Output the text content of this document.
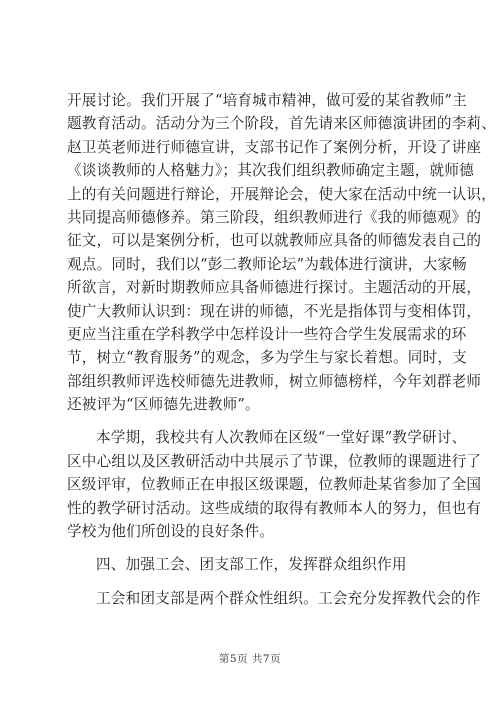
开展讨论。我们开展了“培育城市精神，做可爱的某省教师”主
题教育活动。活动分为三个阶段，首先请来区师德演讲团的李莉、
赵卫英老师进行师德宣讲，支部书记作了案例分析，开设了讲座
《谈谈教师的人格魅力》；其次我们组织教师确定主题，就师德
上的有关问题进行辩论，开展辩论会，使大家在活动中统一认识，
共同提高师德修养。第三阶段，组织教师进行《我的师德观》的
征文，可以是案例分析，也可以就教师应具备的师德发表自己的
观点。同时，我们以“彭二教师论坛”为载体进行演讲，大家畅
所欲言，对新时期教师应具备师德进行探讨。主题活动的开展，
使广大教师认识到：现在讲的师德，不光是指体罚与变相体罚，
更应当注重在学科教学中怎样设计一些符合学生发展需求的环
节，树立“教育服务”的观念，多为学生与家长着想。同时，支
部组织教师评选校师德先进教师，树立师德榜样，今年刘群老师
还被评为“区师德先进教师”。
本学期，我校共有人次教师在区级“一堂好课”教学研讨、
区中心组以及区教研活动中共展示了节课，位教师的课题进行了
区级评审，位教师正在申报区级课题，位教师赴某省参加了全国
性的教学研讨活动。这些成绩的取得有教师本人的努力，但也有
学校为他们所创设的良好条件。
四、加强工会、团支部工作，发挥群众组织作用
工会和团支部是两个群众性组织。工会充分发挥教代会的作
第5页 共7页
